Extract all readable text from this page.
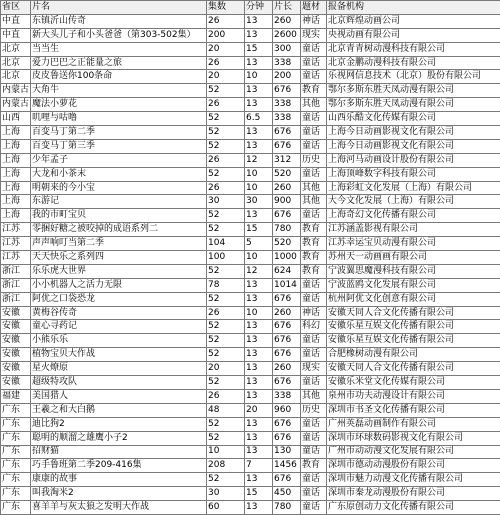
省区	片名	集数	分钟	片长	题材	报备机构
中直	东镇沂山传奇	26	13	260	神话	北京辉煌动画公司
中直	新大头儿子和小头爸爸（第303-502集）	200	13	2600	现实	央视动画有限公司
北京	当当生	20	15	300	童话	北京青青树动漫科技有限公司
北京	爱力巴巴之正能量之旅	26	13	338	童话	北京金鹏动漫科技有限公司
北京	皮皮鲁送你100条命	20	10	200	童话	乐视网信息技术（北京）股份有限公司
内蒙古	大角牛	52	13	676	教育	鄂尔多斯东胜天凤动漫有限公司
内蒙古	魔法小萝花	26	13	338	其他	鄂尔多斯东胜天凤动漫有限公司
山西	叽哩与咕噜	52	6.5	338	童话	山西乐酷文化传媒有限公司
上海	百变马丁第二季	52	13	676	童话	上海今日动画影视文化有限公司
上海	百变马丁第三季	52	13	676	童话	上海今日动画影视文化有限公司
上海	少年孟子	26	12	312	历史	上海河马动画设计股份有限公司
上海	大龙和小茶末	52	10	520	童话	上海顶峰数字科技有限公司
上海	明朝来的今小宝	26	10	260	其他	上海彩虹文化发展（上海）有限公司
上海	东游记	30	30	900	其他	大今文化发展（上海）有限公司
上海	我的市町宝贝	52	13	676	童话	上海奇幻文化传播有限公司
江苏	零捆好糖之被咬掉的成语系列二	52	15	780	教育	江苏涵盖影视有限公司
江苏	声声响叮当第二季	104	5	520	教育	江苏幸运宝贝动漫有限公司
江苏	天天快乐之系列四	100	10	1000	教育	苏州天一动画画有限公司
浙江	乐乐虎大世界	52	12	624	教育	宁波翼思魔漫科技有限公司
浙江	小小机器人之活力无限	78	13	1014	童话	宁波蓝鸥文化发展有限公司
浙江	阿优之口袋恐龙	52	13	676	童话	杭州阿优文化创意有限公司
安徽	黄梅谷传奇	26	10	260	神话	安徽天同人合文化传播有限公司
安徽	童心寻药记	52	13	676	科幻	安徽乐星互娱文化传播有限公司
安徽	小熊乐乐	52	13	676	童话	安徽乐星互娱文化传播有限公司
安徽	植物宝贝大作战	52	13	676	童话	合肥橡树动漫有限公司
安徽	星火燎原	20	13	260	现实	安徽天同人合文化传播有限公司
安徽	超级特攻队	52	13	676	童话	安徽乐米堂文化传媒有限公司
福建	美国猎人	26	13	338	其他	泉州市功夫动漫设计有限公司
广东	王羲之和大白鹅	48	20	960	历史	深圳市书圣文化传播有限公司
广东	迪比狗2	52	13	676	童话	广州英磊动画制作有限公司
广东	聪明的顺溜之雄鹰小子2	52	13	676	童话	深圳市环球数码影视文化有限公司
广东	招财猫	10	13	130	童话	广州市动动漫文化发展有限公司
广东	巧手鲁班第二季209-416集	208	7	1456	教育	深圳市德动动漫股份有限公司
广东	康康的故事	52	13	676	童话	深圳市魅力动漫文化传播有限公司
广东	叫我淘米2	30	15	450	童话	深圳市秦龙动漫股份有限公司
广东	喜羊羊与灰太狼之发明大作战	60	13	780	童话	广东原创动力文化传播有限公司
